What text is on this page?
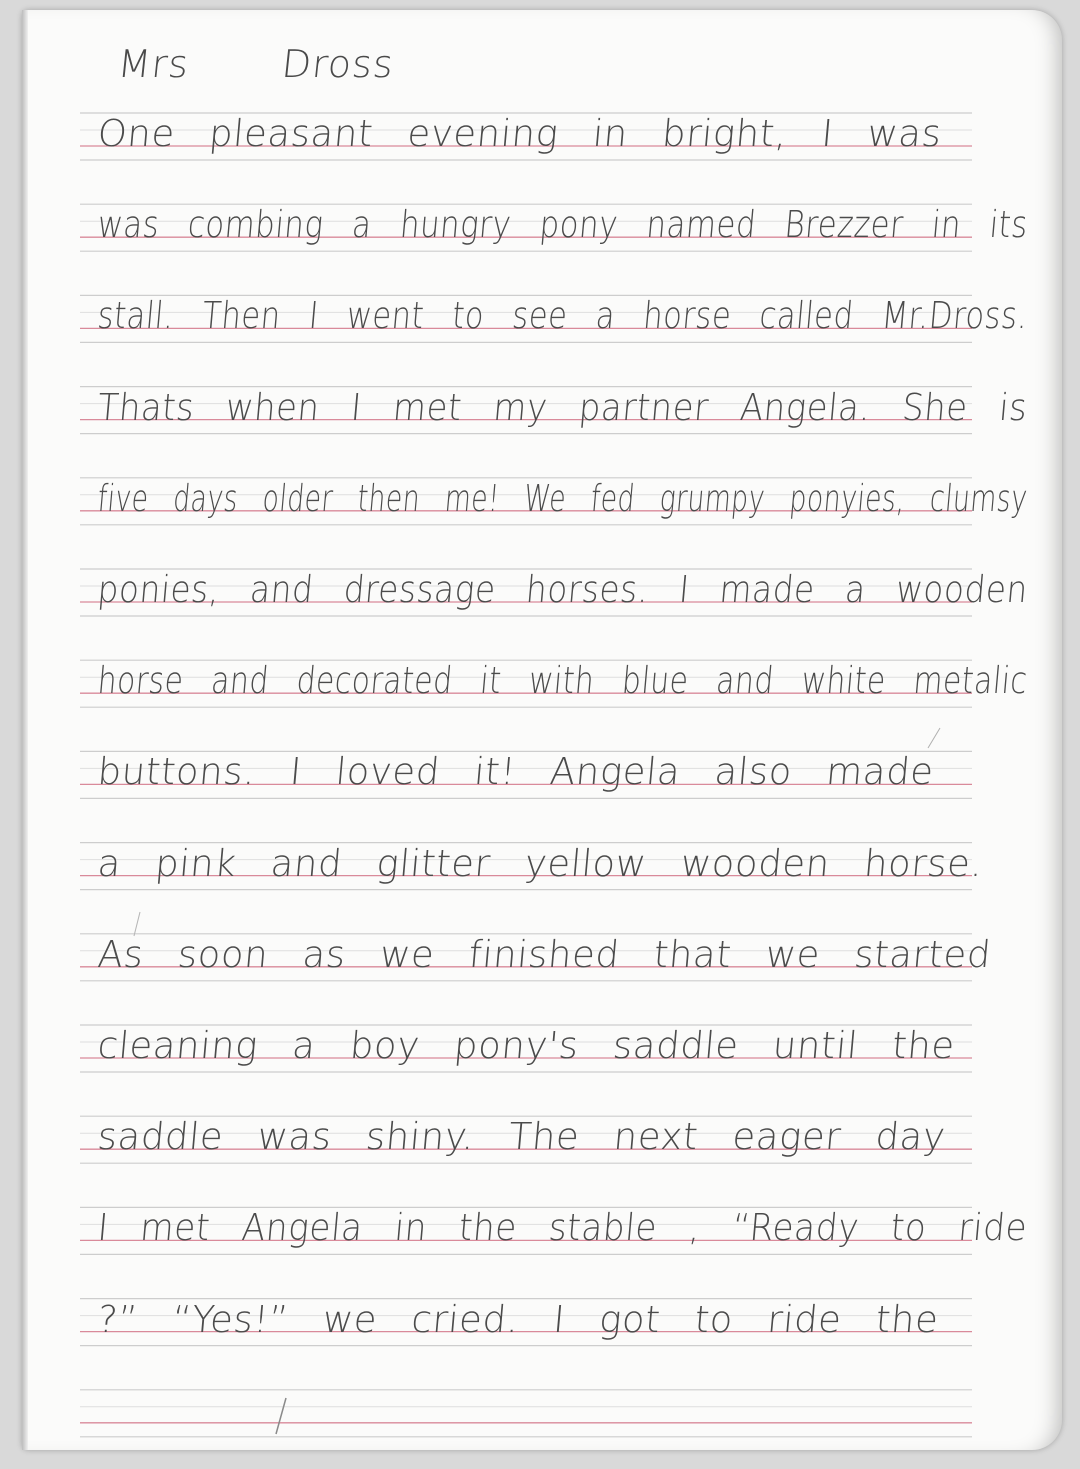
Mrs Dross
One pleasant evening in bright, I was
was combing a hungry pony named Brezzer in its
stall. Then I went to see a horse called Mr.Dross.
Thats when I met my partner Angela. She is
five days older then me! We fed grumpy ponyies, clumsy
ponies, and dressage horses. I made a wooden
horse and decorated it with blue and white metalic
buttons. I loved it! Angela also made
a pink and glitter yellow wooden horse.
As soon as we finished that we started
cleaning a boy pony's saddle until the
saddle was shiny. The next eager day
I met Angela in the stable , “Ready to ride
?” “Yes!” we cried. I got to ride the
